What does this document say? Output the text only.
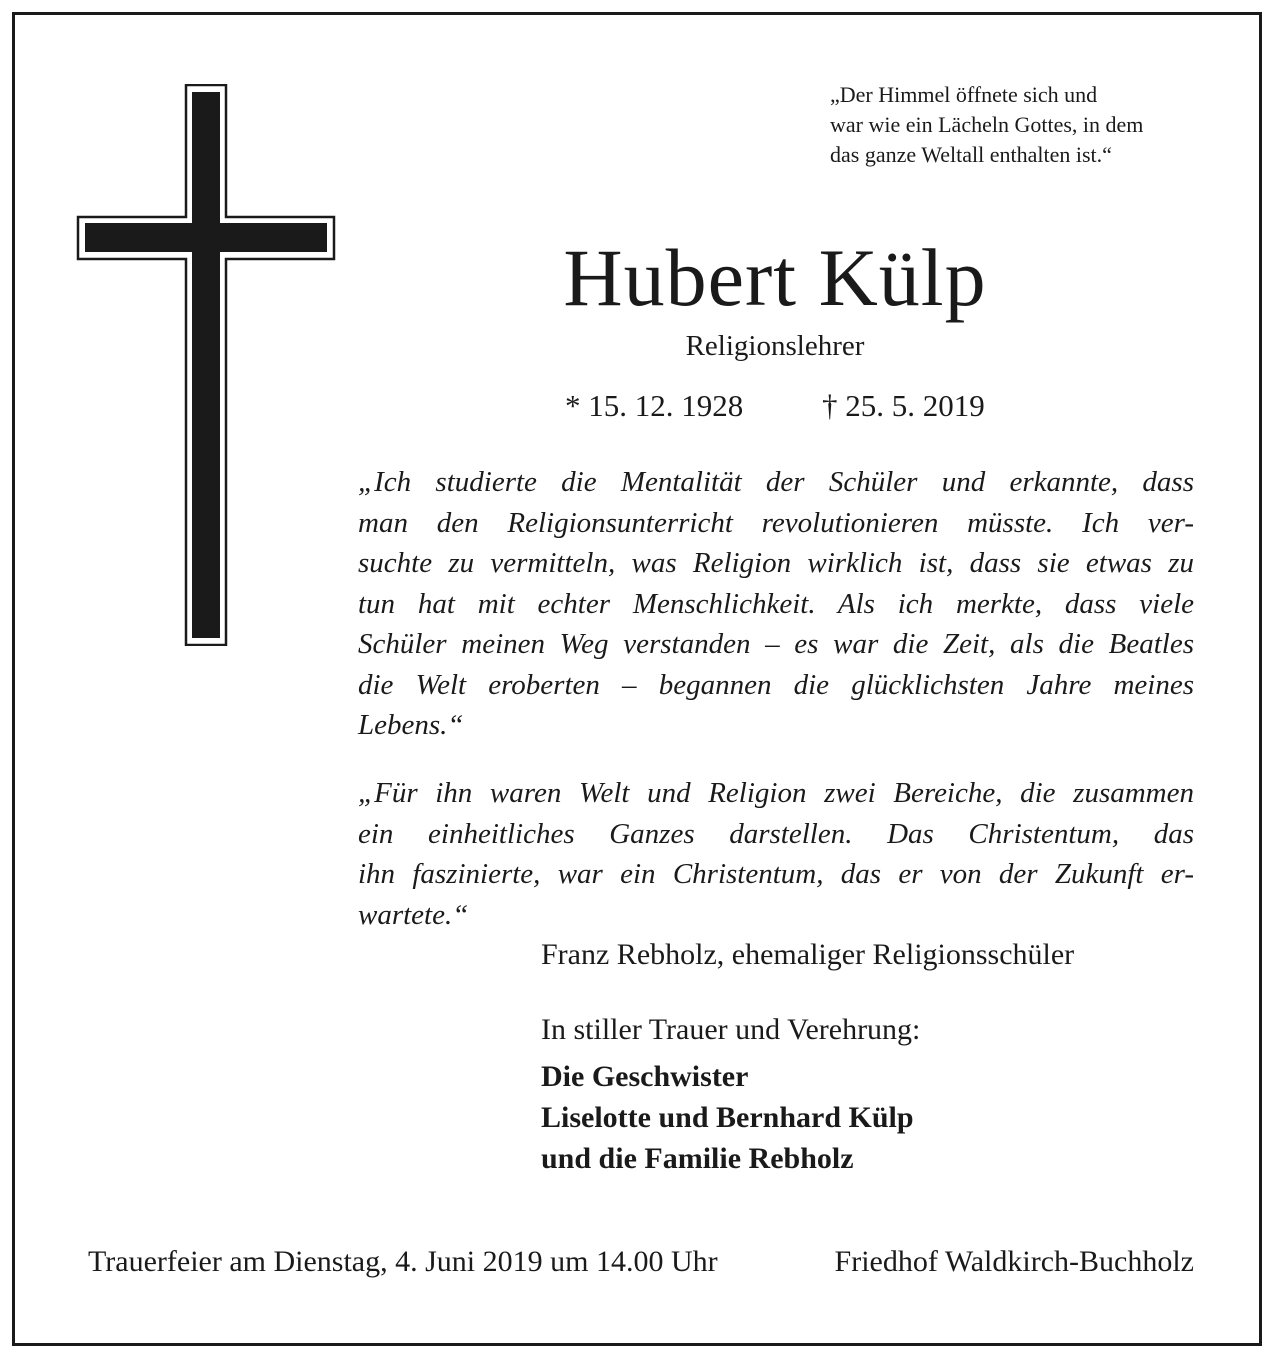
„Der Himmel öffnete sich und
war wie ein Lächeln Gottes, in dem
das ganze Weltall enthalten ist.“
Hubert Külp
Religionslehrer
* 15. 12. 1928	† 25. 5. 2019
„Ich studierte die Mentalität der Schüler und erkannte, dass
man den Religionsunterricht revolutionieren müsste. Ich ver-
suchte zu vermitteln, was Religion wirklich ist, dass sie etwas zu
tun hat mit echter Menschlichkeit. Als ich merkte, dass viele
Schüler meinen Weg verstanden – es war die Zeit, als die Beatles
die Welt eroberten – begannen die glücklichsten Jahre meines
Lebens.“
„Für ihn waren Welt und Religion zwei Bereiche, die zusammen
ein einheitliches Ganzes darstellen. Das Christentum, das
ihn faszinierte, war ein Christentum, das er von der Zukunft er-
wartete.“
Franz Rebholz, ehemaliger Religionsschüler
In stiller Trauer und Verehrung:
Die Geschwister
Liselotte und Bernhard Külp
und die Familie Rebholz
Trauerfeier am Dienstag, 4. Juni 2019 um 14.00 Uhr	Friedhof Waldkirch-Buchholz
